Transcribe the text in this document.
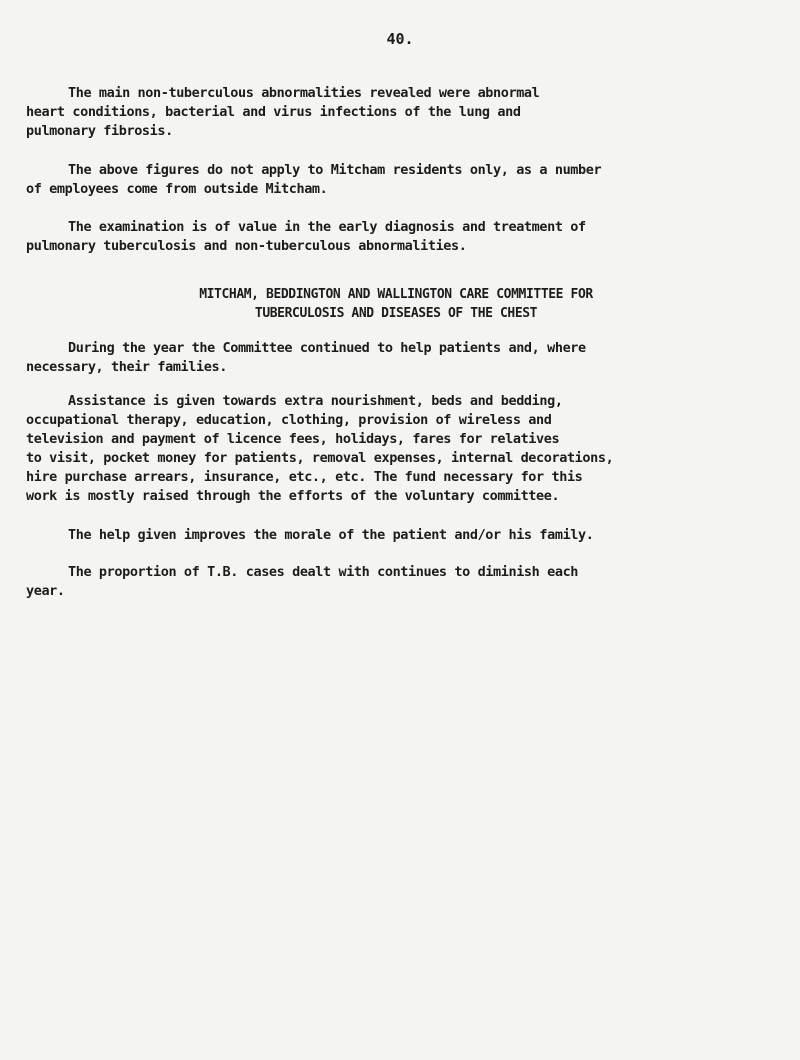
40.
The main non-tuberculous abnormalities revealed were abnormal
heart conditions, bacterial and virus infections of the lung and
pulmonary fibrosis.
The above figures do not apply to Mitcham residents only, as a number
of employees come from outside Mitcham.
The examination is of value in the early diagnosis and treatment of
pulmonary tuberculosis and non-tuberculous abnormalities.
MITCHAM, BEDDINGTON AND WALLINGTON CARE COMMITTEE FOR
TUBERCULOSIS AND DISEASES OF THE CHEST
During the year the Committee continued to help patients and, where
necessary, their families.
Assistance is given towards extra nourishment, beds and bedding,
occupational therapy, education, clothing, provision of wireless and
television and payment of licence fees, holidays, fares for relatives
to visit, pocket money for patients, removal expenses, internal decorations,
hire purchase arrears, insurance, etc., etc. The fund necessary for this
work is mostly raised through the efforts of the voluntary committee.
The help given improves the morale of the patient and/or his family.
The proportion of T.B. cases dealt with continues to diminish each
year.
